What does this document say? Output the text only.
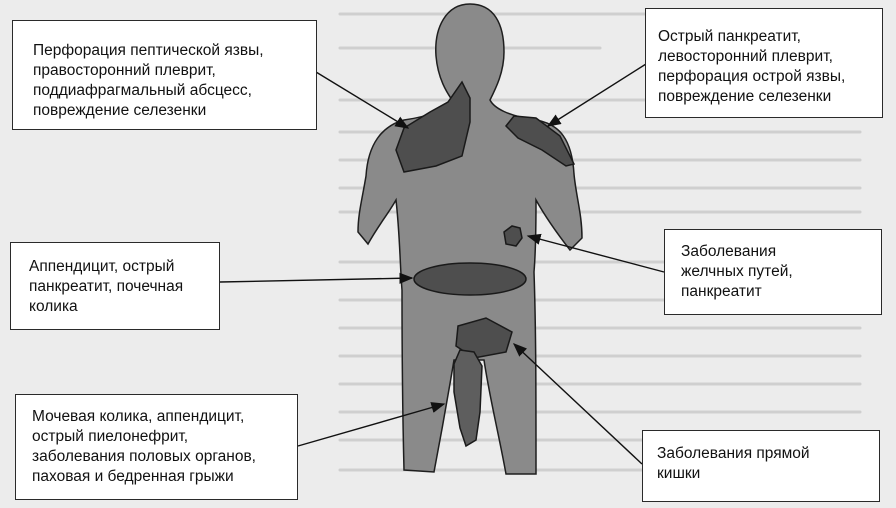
Перфорация пептической язвы,
правосторонний плеврит,
поддиафрагмальный абсцесс,
повреждение селезенки
Острый панкреатит,
левосторонний плеврит,
перфорация острой язвы,
повреждение селезенки
Аппендицит, острый
панкреатит, почечная
колика
Заболевания
желчных путей,
панкреатит
Мочевая колика, аппендицит,
острый пиелонефрит,
заболевания половых органов,
паховая и бедренная грыжи
Заболевания прямой
кишки
